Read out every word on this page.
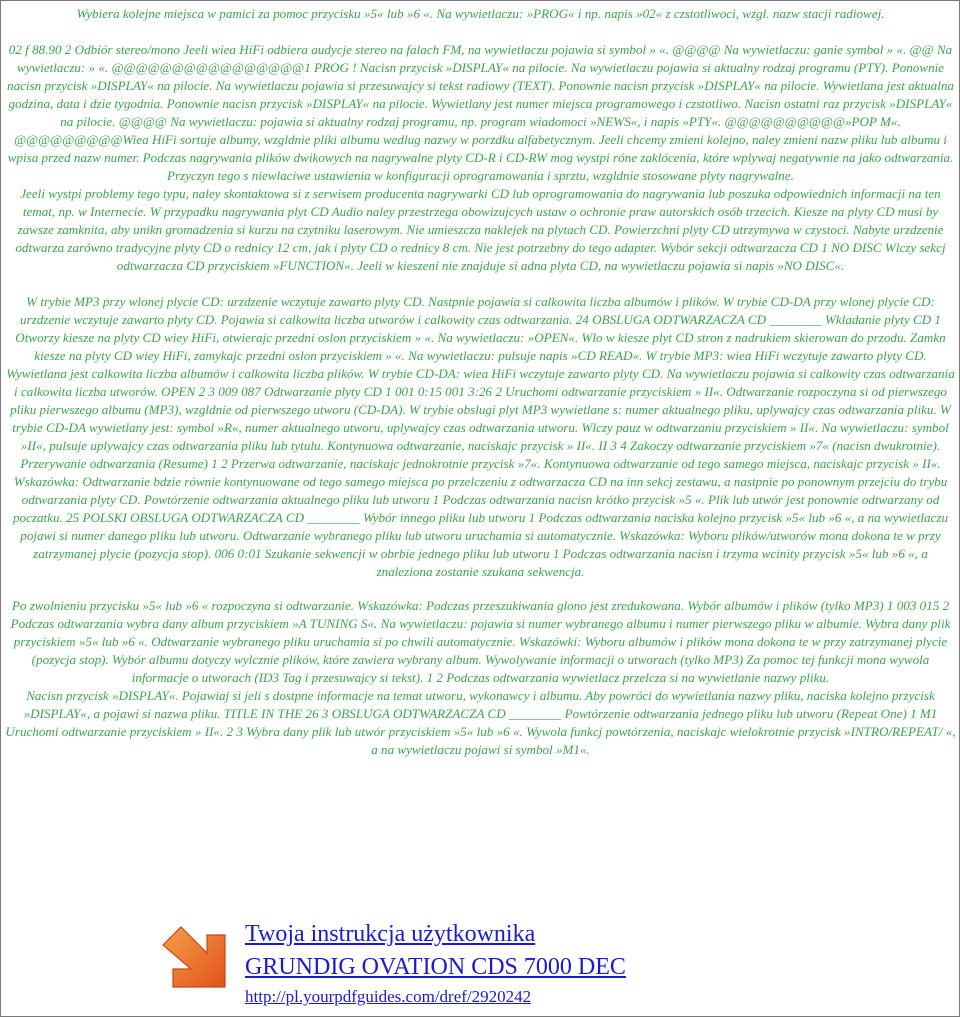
Wybiera kolejne miejsca w pamici za pomoc przycisku »5« lub »6 «. Na wywietlaczu: »PROG« i np. napis »02« z czstotliwoci, wzgl. nazw stacji radiowej.

02 f 88.90 2 Odbiór stereo/mono Jeeli wiea HiFi odbiera audycje stereo na falach FM, na wywietlaczu pojawia si symbol » «. @@@@ Na wywietlaczu: ganie symbol » «. @@ Na wywietlaczu: » «. @@@@@@@@@@@@@@@@1 PROG ! Nacisn przycisk »DISPLAY« na pilocie. Na wywietlaczu pojawia si aktualny rodzaj programu (PTY). Ponownie nacisn przycisk »DISPLAY« na pilocie. Na wywietlaczu pojawia si przesuwajcy si tekst radiowy (TEXT). Ponownie nacisn przycisk »DISPLAY« na pilocie. Wywietlana jest aktualna godzina, data i dzie tygodnia. Ponownie nacisn przycisk »DISPLAY« na pilocie. Wywietlany jest numer miejsca programowego i czstotliwo. Nacisn ostatni raz przycisk »DISPLAY« na pilocie. @@@@ Na wywietlaczu: pojawia si aktualny rodzaj programu, np. program wiadomoci »NEWS«, i napis »PTY«. @@@@@@@@@@»POP M«. @@@@@@@@@Wiea HiFi sortuje albumy, wzgldnie pliki albumu wedlug nazwy w porzdku alfabetycznym. Jeeli chcemy zmieni kolejno, naley zmieni nazw pliku lub albumu i wpisa przed nazw numer. Podczas nagrywania plików dwikowych na nagrywalne plyty CD-R i CD-RW mog wystpi róne zaklócenia, które wplywaj negatywnie na jako odtwarzania. Przyczyn tego s niewlaciwe ustawienia w konfiguracji oprogramowania i sprztu, wzgldnie stosowane plyty nagrywalne.

Jeeli wystpi problemy tego typu, naley skontaktowa si z serwisem producenta nagrywarki CD lub oprogramowania do nagrywania lub poszuka odpowiednich informacji na ten temat, np. w Internecie. W przypadku nagrywania plyt CD Audio naley przestrzega obowizujcych ustaw o ochronie praw autorskich osób trzecich. Kiesze na plyty CD musi by zawsze zamknita, aby unikn gromadzenia si kurzu na czytniku laserowym. Nie umieszcza naklejek na plytach CD. Powierzchni plyty CD utrzymywa w czystoci. Nabyte urzdzenie odtwarza zarówno tradycyjne plyty CD o rednicy 12 cm, jak i plyty CD o rednicy 8 cm. Nie jest potrzebny do tego adapter. Wybór sekcji odtwarzacza CD 1 NO DISC Wlczy sekcj odtwarzacza CD przyciskiem »FUNCTION«. Jeeli w kieszeni nie znajduje si adna plyta CD, na wywietlaczu pojawia si napis »NO DISC«.

W trybie MP3 przy wlonej plycie CD: urzdzenie wczytuje zawarto plyty CD. Nastpnie pojawia si calkowita liczba albumów i plików. W trybie CD-DA przy wlonej plycie CD: urzdzenie wczytuje zawarto plyty CD. Pojawia si calkowita liczba utworów i calkowity czas odtwarzania. 24 OBSLUGA ODTWARZACZA CD ________ Wkladanie plyty CD 1 Otworzy kiesze na plyty CD wiey HiFi, otwierajc przedni oslon przyciskiem » «. Na wywietlaczu: »OPEN«. Wlo w kiesze plyt CD stron z nadrukiem skierowan do przodu. Zamkn kiesze na plyty CD wiey HiFi, zamykajc przedni oslon przyciskiem » «. Na wywietlaczu: pulsuje napis »CD READ«. W trybie MP3: wiea HiFi wczytuje zawarto plyty CD. Wywietlana jest calkowita liczba albumów i calkowita liczba plików. W trybie CD-DA: wiea HiFi wczytuje zawarto plyty CD. Na wywietlaczu pojawia si calkowity czas odtwarzania i calkowita liczba utworów. OPEN 2 3 009 087 Odtwarzanie plyty CD 1 001 0:15 001 3:26 2 Uruchomi odtwarzanie przyciskiem » II«. Odtwarzanie rozpoczyna si od pierwszego pliku pierwszego albumu (MP3), wzgldnie od pierwszego utworu (CD-DA). W trybie obslugi plyt MP3 wywietlane s: numer aktualnego pliku, uplywajcy czas odtwarzania pliku. W trybie CD-DA wywietlany jest: symbol »R«, numer aktualnego utworu, uplywajcy czas odtwarzania utworu. Wlczy pauz w odtwarzaniu przyciskiem » II«. Na wywietlaczu: symbol »II«, pulsuje uplywajcy czas odtwarzania pliku lub tytulu. Kontynuowa odtwarzanie, naciskajc przycisk » II«. II 3 4 Zakoczy odtwarzanie przyciskiem »7« (nacisn dwukrotnie). Przerywanie odtwarzania (Resume) 1 2 Przerwa odtwarzanie, naciskajc jednokrotnie przycisk »7«. Kontynuowa odtwarzanie od tego samego miejsca, naciskajc przycisk » II«. Wskazówka: Odtwarzanie bdzie równie kontynuowane od tego samego miejsca po przelczeniu z odtwarzacza CD na inn sekcj zestawu, a nastpnie po ponownym przejciu do trybu odtwarzania plyty CD. Powtórzenie odtwarzania aktualnego pliku lub utworu 1 Podczas odtwarzania nacisn krótko przycisk »5 «. Plik lub utwór jest ponownie odtwarzany od poczatku. 25 POLSKI OBSLUGA ODTWARZACZA CD ________ Wybór innego pliku lub utworu 1 Podczas odtwarzania naciska kolejno przycisk »5« lub »6 «, a na wywietlaczu pojawi si numer danego pliku lub utworu. Odtwarzanie wybranego pliku lub utworu uruchamia si automatycznie. Wskazówka: Wyboru plików/utworów mona dokona te w przy zatrzymanej plycie (pozycja stop). 006 0:01 Szukanie sekwencji w obrbie jednego pliku lub utworu 1 Podczas odtwarzania nacisn i trzyma wcinity przycisk »5« lub »6 «, a znaleziona zostanie szukana sekwencja.

Po zwolnieniu przycisku »5« lub »6 « rozpoczyna si odtwarzanie. Wskazówka: Podczas przeszukiwania glono jest zredukowana. Wybór albumów i plików (tylko MP3) 1 003 015 2 Podczas odtwarzania wybra dany album przyciskiem »A TUNING S«. Na wywietlaczu: pojawia si numer wybranego albumu i numer pierwszego pliku w albumie. Wybra dany plik przyciskiem »5« lub »6 «. Odtwarzanie wybranego pliku uruchamia si po chwili automatycznie. Wskazówki: Wyboru albumów i plików mona dokona te w przy zatrzymanej plycie (pozycja stop). Wybór albumu dotyczy wylcznie plików, które zawiera wybrany album. Wywolywanie informacji o utworach (tylko MP3) Za pomoc tej funkcji mona wywola informacje o utworach (ID3 Tag i przesuwajcy si tekst). 1 2 Podczas odtwarzania wywietlacz przelcza si na wywietlanie nazwy pliku.

Nacisn przycisk »DISPLAY«. Pojawiaj si jeli s dostpne informacje na temat utworu, wykonawcy i albumu. Aby powróci do wywietlania nazwy pliku, naciska kolejno przycisk »DISPLAY«, a pojawi si nazwa pliku. TITLE IN THE 26 3 OBSLUGA ODTWARZACZA CD ________ Powtórzenie odtwarzania jednego pliku lub utworu (Repeat One) 1 M1 Uruchomi odtwarzanie przyciskiem » II«. 2 3 Wybra dany plik lub utwór przyciskiem »5« lub »6 «. Wywola funkcj powtórzenia, naciskajc wielokrotnie przycisk »INTRO/REPEAT/ «, a na wywietlaczu pojawi si symbol »M1«.

Twoja instrukcja użytkownika
GRUNDIG OVATION CDS 7000 DEC
http://pl.yourpdfguides.com/dref/2920242
